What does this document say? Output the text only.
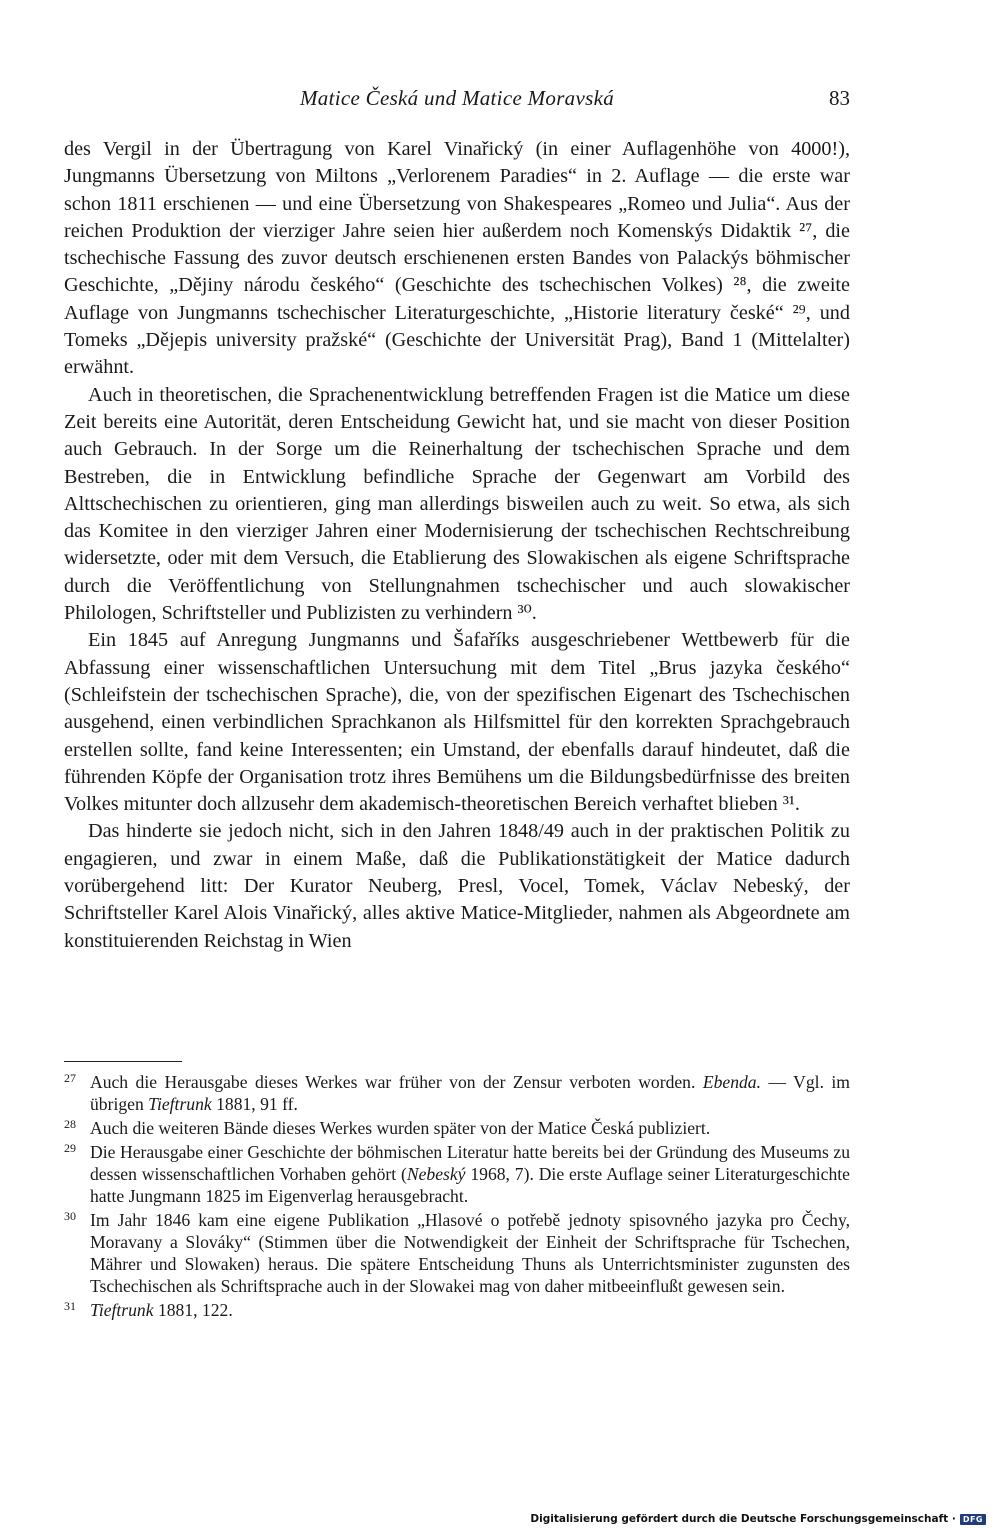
Matice Česká und Matice Moravská	83

des Vergil in der Übertragung von Karel Vinařický (in einer Auflagenhöhe von 4000!), Jungmanns Übersetzung von Miltons „Verlorenem Paradies“ in 2. Auflage — die erste war schon 1811 erschienen — und eine Übersetzung von Shakespeares „Romeo und Julia“. Aus der reichen Produktion der vierziger Jahre seien hier außerdem noch Komenskýs Didaktik ²⁷, die tschechische Fassung des zuvor deutsch erschienenen ersten Bandes von Palackýs böhmischer Geschichte, „Dějiny národu českého“ (Geschichte des tschechischen Volkes) ²⁸, die zweite Auflage von Jungmanns tschechischer Literaturgeschichte, „Historie literatury české“ ²⁹, und Tomeks „Dějepis university pražské“ (Geschichte der Universität Prag), Band 1 (Mittelalter) erwähnt.

Auch in theoretischen, die Sprachenentwicklung betreffenden Fragen ist die Matice um diese Zeit bereits eine Autorität, deren Entscheidung Gewicht hat, und sie macht von dieser Position auch Gebrauch. In der Sorge um die Reinerhaltung der tschechischen Sprache und dem Bestreben, die in Entwicklung befindliche Sprache der Gegenwart am Vorbild des Alttschechischen zu orientieren, ging man allerdings bisweilen auch zu weit. So etwa, als sich das Komitee in den vierziger Jahren einer Modernisierung der tschechischen Rechtschreibung widersetzte, oder mit dem Versuch, die Etablierung des Slowakischen als eigene Schriftsprache durch die Veröffentlichung von Stellungnahmen tschechischer und auch slowakischer Philologen, Schriftsteller und Publizisten zu verhindern ³⁰.

Ein 1845 auf Anregung Jungmanns und Šafaříks ausgeschriebener Wettbewerb für die Abfassung einer wissenschaftlichen Untersuchung mit dem Titel „Brus jazyka českého“ (Schleifstein der tschechischen Sprache), die, von der spezifischen Eigenart des Tschechischen ausgehend, einen verbindlichen Sprachkanon als Hilfsmittel für den korrekten Sprachgebrauch erstellen sollte, fand keine Interessenten; ein Umstand, der ebenfalls darauf hindeutet, daß die führenden Köpfe der Organisation trotz ihres Bemühens um die Bildungsbedürfnisse des breiten Volkes mitunter doch allzusehr dem akademisch-theoretischen Bereich verhaftet blieben ³¹.

Das hinderte sie jedoch nicht, sich in den Jahren 1848/49 auch in der praktischen Politik zu engagieren, und zwar in einem Maße, daß die Publikationstätigkeit der Matice dadurch vorübergehend litt: Der Kurator Neuberg, Presl, Vocel, Tomek, Václav Nebeský, der Schriftsteller Karel Alois Vinařický, alles aktive Matice-Mitglieder, nahmen als Abgeordnete am konstituierenden Reichstag in Wien

27 Auch die Herausgabe dieses Werkes war früher von der Zensur verboten worden. Ebenda. — Vgl. im übrigen Tieftrunk 1881, 91 ff.
28 Auch die weiteren Bände dieses Werkes wurden später von der Matice Česká publiziert.
29 Die Herausgabe einer Geschichte der böhmischen Literatur hatte bereits bei der Gründung des Museums zu dessen wissenschaftlichen Vorhaben gehört (Nebeský 1968, 7). Die erste Auflage seiner Literaturgeschichte hatte Jungmann 1825 im Eigenverlag herausgebracht.
30 Im Jahr 1846 kam eine eigene Publikation „Hlasové o potřebě jednoty spisovného jazyka pro Čechy, Moravany a Slováky“ (Stimmen über die Notwendigkeit der Einheit der Schriftsprache für Tschechen, Mährer und Slowaken) heraus. Die spätere Entscheidung Thuns als Unterrichtsminister zugunsten des Tschechischen als Schriftsprache auch in der Slowakei mag von daher mitbeeinflußt gewesen sein.
31 Tieftrunk 1881, 122.
Digitalisierung gefördert durch die Deutsche Forschungsgemeinschaft · DFG
